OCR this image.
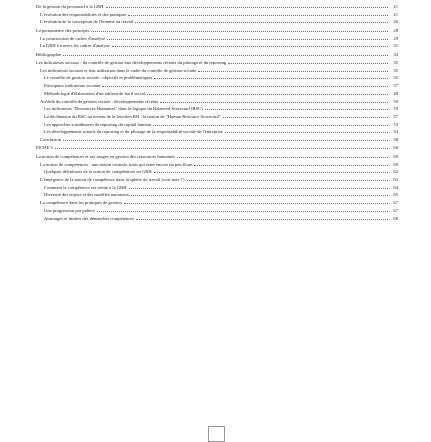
De la gestion du personnel à la GRH	21
L'évolution des responsabilités et des pratiques	21
L'évolution de la conception de l'homme au travail	26
La permanence des principes	28
La construction de cadres d'analyse	29
La GRH à travers les cadres d'analyse	31
Bibliographie	34
Les indicateurs sociaux : du contrôle de gestion aux développements récents du pilotage et du reporting	35
Les indicateurs sociaux et leur utilisation dans le cadre du contrôle de gestion sociale	35
Le contrôle de gestion sociale : objectifs et problématiques	35
Principaux indicateurs sociaux	37
Méthodologie d'élaboration d'un tableau de bord social	48
Au-delà du contrôle de gestion sociale : développements récents	50
Les indicateurs "Ressources Humaines" dans la logique du Balanced Scorecard (BSC)	50
La déclinaison du BSC au niveau de la fonction RH : la notion de "Human Resource Scorecard"	57
Les approches scandinaves de reporting du capital humain	53
Les développements actuels du reporting et du pilotage de la responsabilité sociale de l'entreprise	54
Conclusion	58
FICHE 5	60
La notion de compétences et ses usages en gestion des ressources humaines	60
La notion de compétences : une notion centrale, mais qui reste encore un peu floue	60
Quelques définitions de la notion de compétences en GRH	62
L'émergence de la notion de compétence dans la sphère de travail (voir note 7)	63
Comment la compétence est venue à la GRH	64
Diversité des enjeux et des modèles nationaux	65
La compétence dans les pratiques de gestion	67
Une progression par paliers	67
Avantages et limites des démarches compétences	68
